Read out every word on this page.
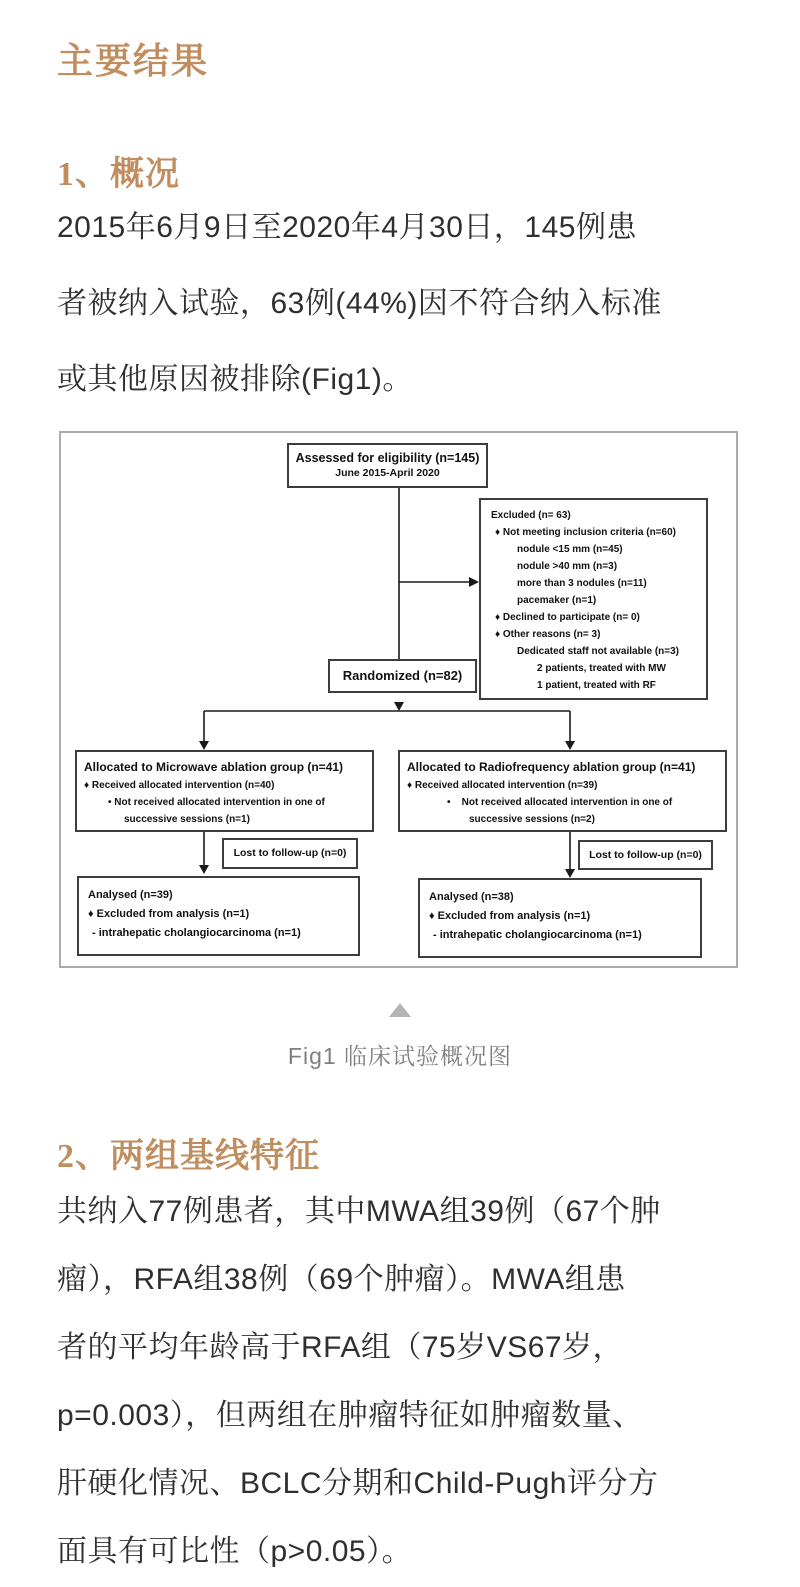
主要结果
1、概况
2015年6月9日至2020年4月30日，145例患
者被纳入试验，63例(44%)因不符合纳入标准
或其他原因被排除(Fig1)。
Assessed for eligibility (n=145)
June 2015-April 2020
Excluded (n= 63)
♦ Not meeting inclusion criteria (n=60)
nodule <15 mm (n=45)
nodule >40 mm (n=3)
more than 3 nodules (n=11)
pacemaker (n=1)
♦ Declined to participate (n= 0)
♦ Other reasons (n= 3)
Dedicated staff not available (n=3)
2 patients, treated with MW
1 patient, treated with RF
Randomized (n=82)
Allocated to Microwave ablation group (n=41)
♦ Received allocated intervention (n=40)
• Not received allocated intervention in one of
successive sessions (n=1)
Allocated to Radiofrequency ablation group (n=41)
♦ Received allocated intervention (n=39)
•    Not received allocated intervention in one of
successive sessions (n=2)
Lost to follow-up (n=0)	Lost to follow-up (n=0)
Analysed (n=39)
♦ Excluded from analysis (n=1)
- intrahepatic cholangiocarcinoma (n=1)
Analysed (n=38)
♦ Excluded from analysis (n=1)
- intrahepatic cholangiocarcinoma (n=1)
Fig1 临床试验概况图
2、两组基线特征
共纳入77例患者，其中MWA组39例（67个肿
瘤），RFA组38例（69个肿瘤）。MWA组患
者的平均年龄高于RFA组（75岁VS67岁，
p=0.003），但两组在肿瘤特征如肿瘤数量、
肝硬化情况、BCLC分期和Child-Pugh评分方
面具有可比性（p>0.05）。
